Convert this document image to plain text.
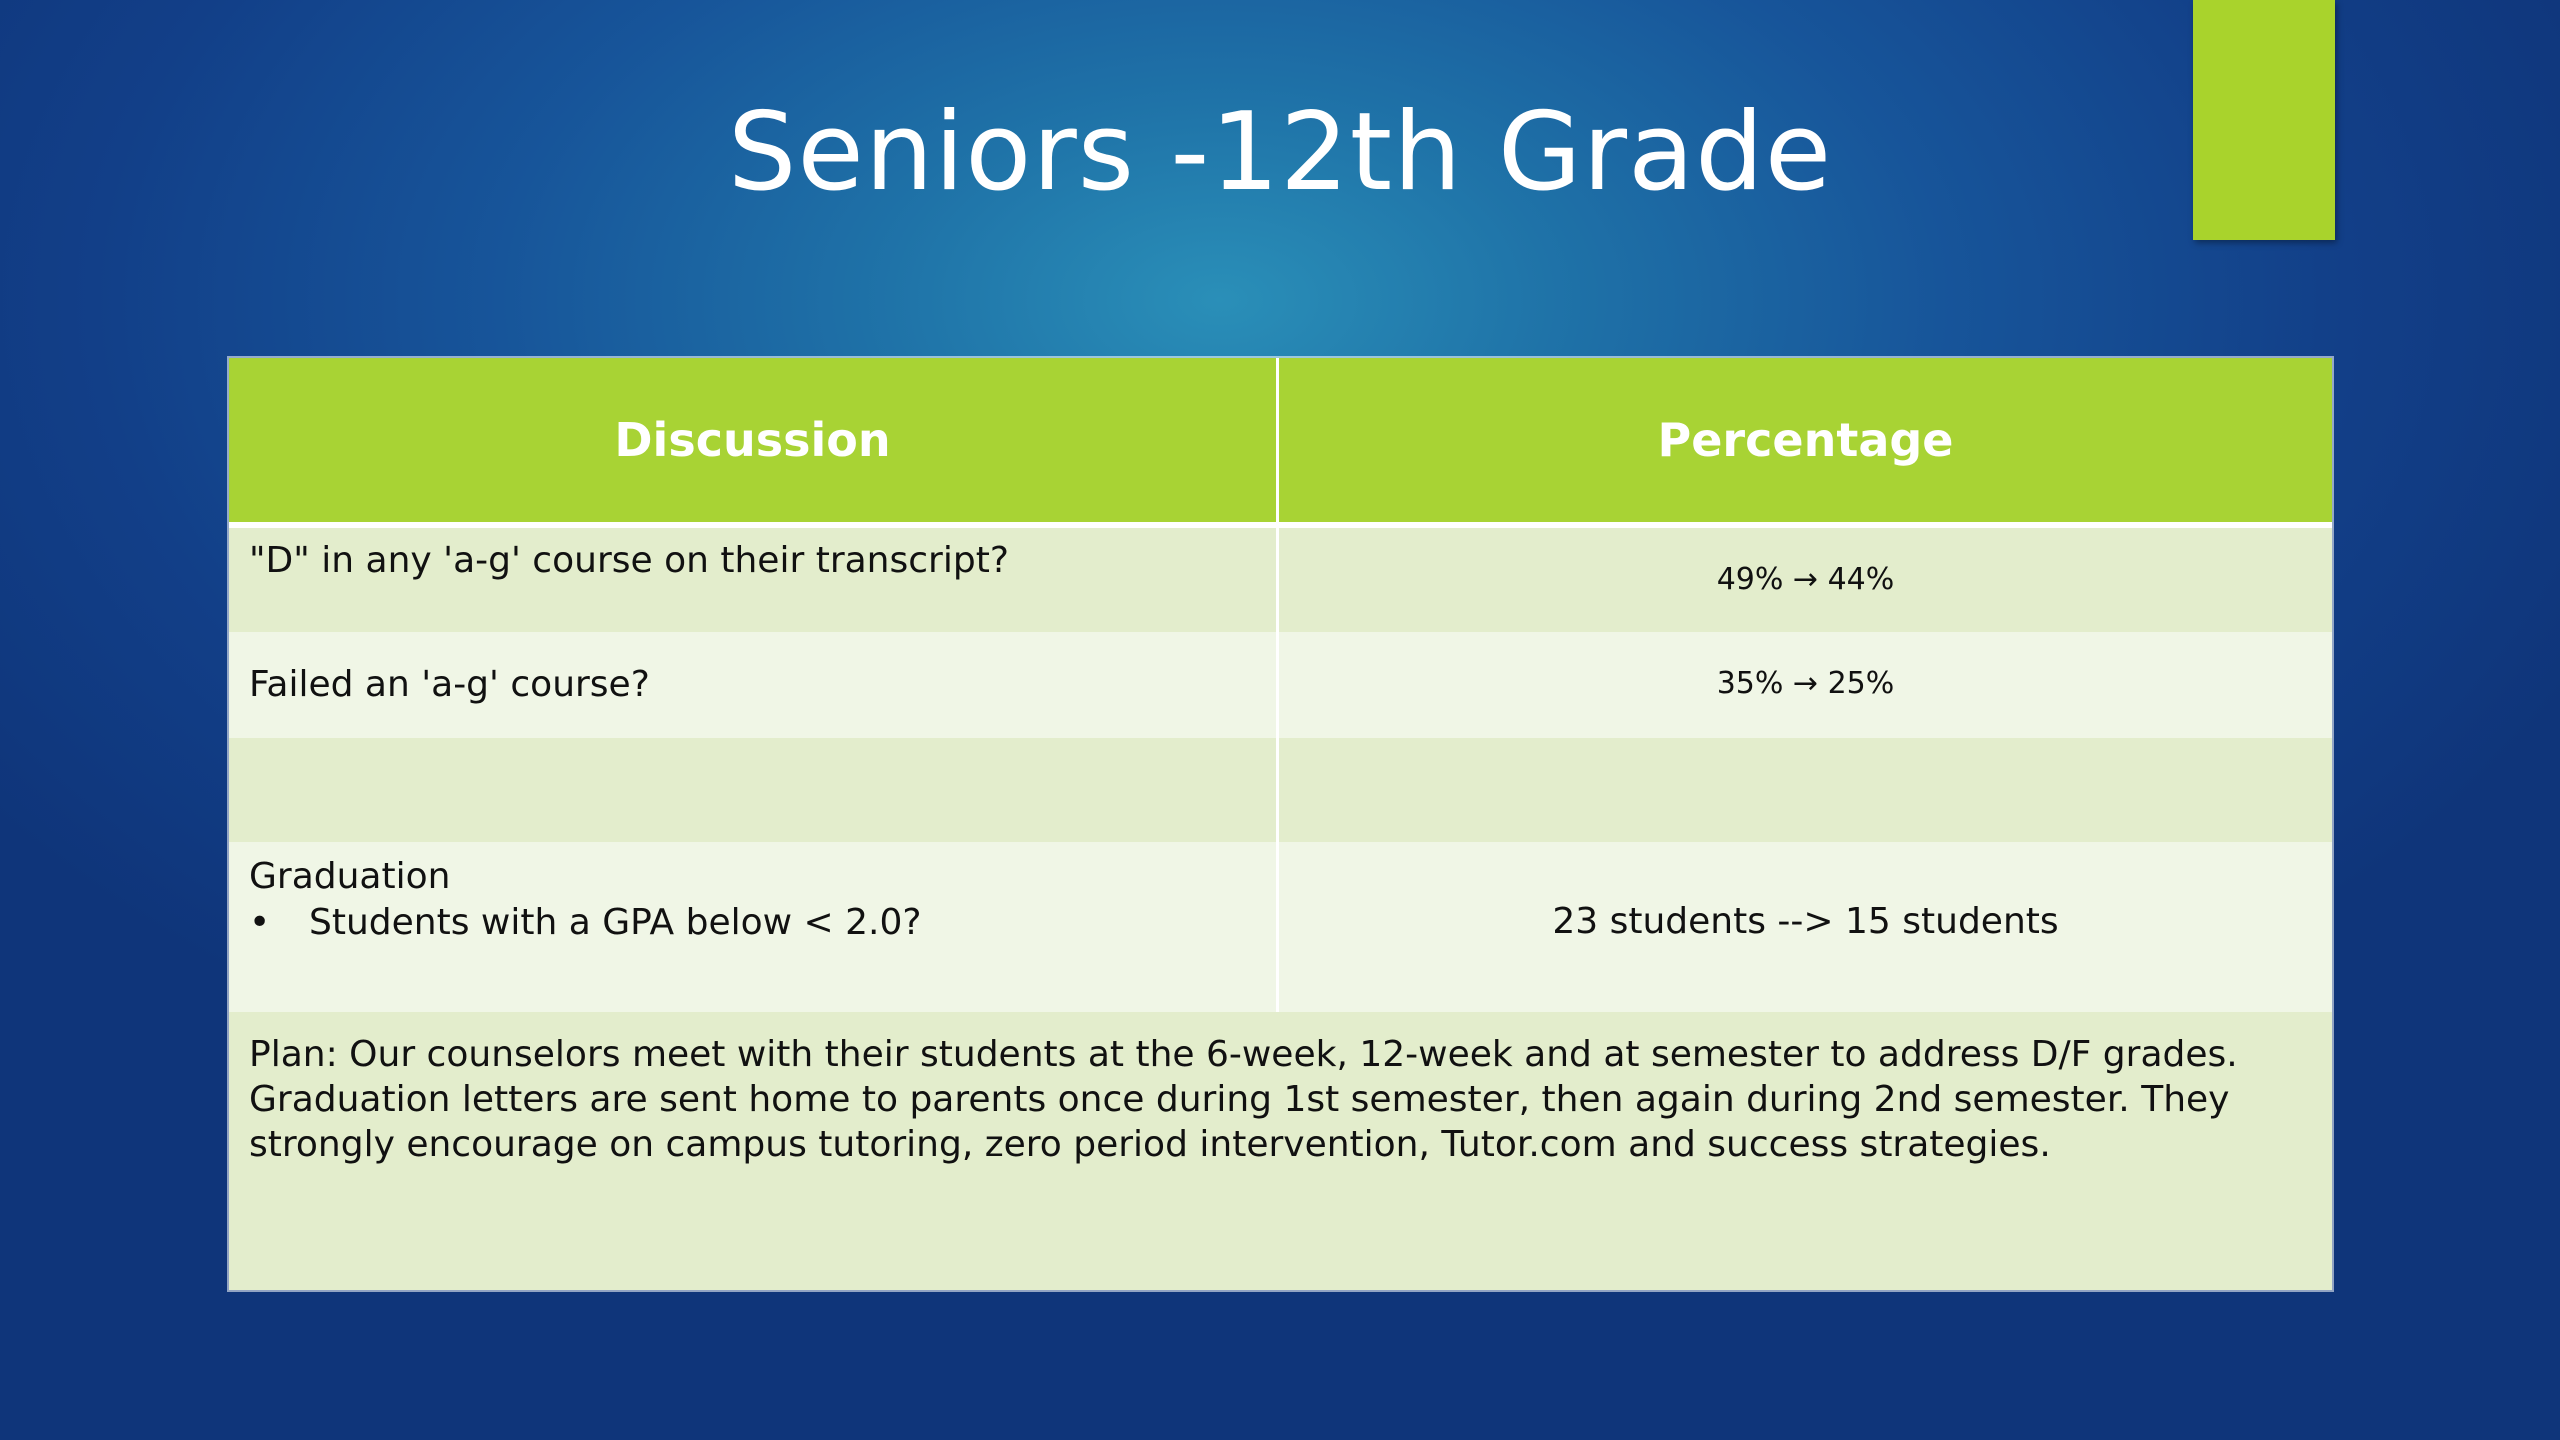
Seniors -12th Grade
Discussion	Percentage
"D" in any 'a-g' course on their transcript?	49% → 44%
Failed an 'a-g' course?	35% → 25%
Graduation
• Students with a GPA below < 2.0?	23 students --> 15 students
Plan: Our counselors meet with their students at the 6-week, 12-week and at semester to address D/F grades. Graduation letters are sent home to parents once during 1st semester, then again during 2nd semester. They strongly encourage on campus tutoring, zero period intervention, Tutor.com and success strategies.
